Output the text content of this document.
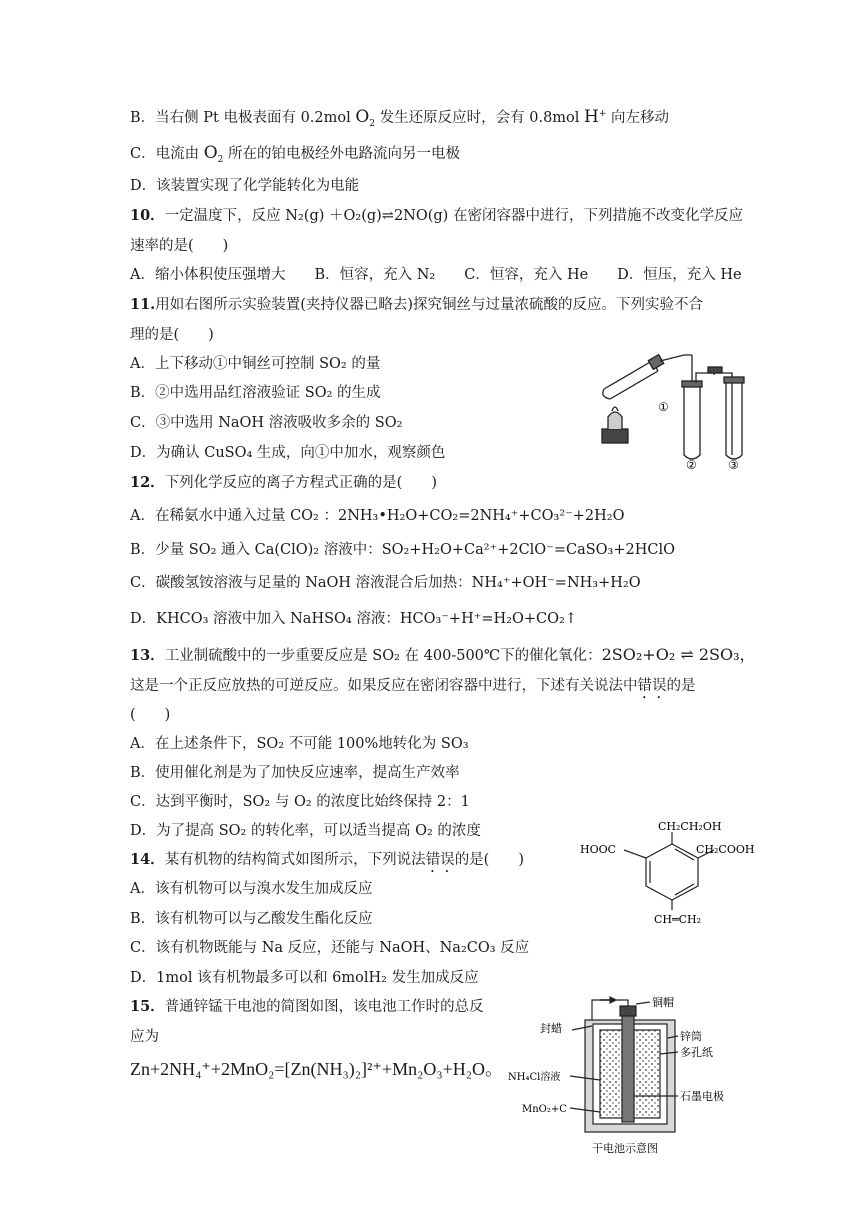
B．当右侧 Pt 电极表面有 0.2mol $O_2$ 发生还原反应时，会有 0.8mol H+ 向左移动
C．电流由 $O_2$ 所在的铂电极经外电路流向另一电极
D．该装置实现了化学能转化为电能
10．一定温度下，反应 N₂(g) ＋O₂(g)⇌2NO(g) 在密闭容器中进行，下列措施不改变化学反应
速率的是(　　)
A．缩小体积使压强增大　　B．恒容，充入 N₂　　C．恒容，充入 He　　D．恒压，充入 He
11.用如右图所示实验装置(夹持仪器已略去)探究铜丝与过量浓硫酸的反应。下列实验不合
理的是(　　)
A．上下移动①中铜丝可控制 SO₂ 的量
B．②中选用品红溶液验证 SO₂ 的生成
C．③中选用 NaOH 溶液吸收多余的 SO₂
D．为确认 CuSO₄ 生成，向①中加水，观察颜色
①
②	③
12．下列化学反应的离子方程式正确的是(　　)
A．在稀氨水中通入过量 CO₂ ：2NH₃•H₂O+CO₂=2NH₄⁺+CO₃²⁻+2H₂O
B．少量 SO₂ 通入 Ca(ClO)₂ 溶液中：SO₂+H₂O+Ca²⁺+2ClO⁻=CaSO₃+2HClO
C．碳酸氢铵溶液与足量的 NaOH 溶液混合后加热：NH₄⁺+OH⁻=NH₃+H₂O
D．KHCO₃ 溶液中加入 NaHSO₄ 溶液：HCO₃⁻+H⁺=H₂O+CO₂↑
13．工业制硫酸中的一步重要反应是 SO₂ 在 400-500℃下的催化氧化：2SO₂+O₂ ⇌ 2SO₃，
这是一个正反应放热的可逆反应。如果反应在密闭容器中进行，下述有关说法中错误的是
(　　)
A．在上述条件下，SO₂ 不可能 100%地转化为 SO₃
B．使用催化剂是为了加快反应速率，提高生产效率
C．达到平衡时，SO₂ 与 O₂ 的浓度比始终保持 2：1
D．为了提高 SO₂ 的转化率，可以适当提高 O₂ 的浓度
14．某有机物的结构简式如图所示，下列说法错误的是(　　)
A．该有机物可以与溴水发生加成反应
B．该有机物可以与乙酸发生酯化反应
C．该有机物既能与 Na 反应，还能与 NaOH、Na₂CO₃ 反应
D．1mol 该有机物最多可以和 6molH₂ 发生加成反应
CH₂CH₂OH
HOOC	CH₂COOH
CH═CH₂
15．普通锌锰干电池的简图如图，该电池工作时的总反
应为
Zn+2NH₄⁺+2MnO₂=[Zn(NH₃)₂]²⁺+Mn₂O₃+H₂O。
铜帽
封蜡
锌筒
多孔纸
NH₄Cl溶液
石墨电极
MnO₂+C
干电池示意图
